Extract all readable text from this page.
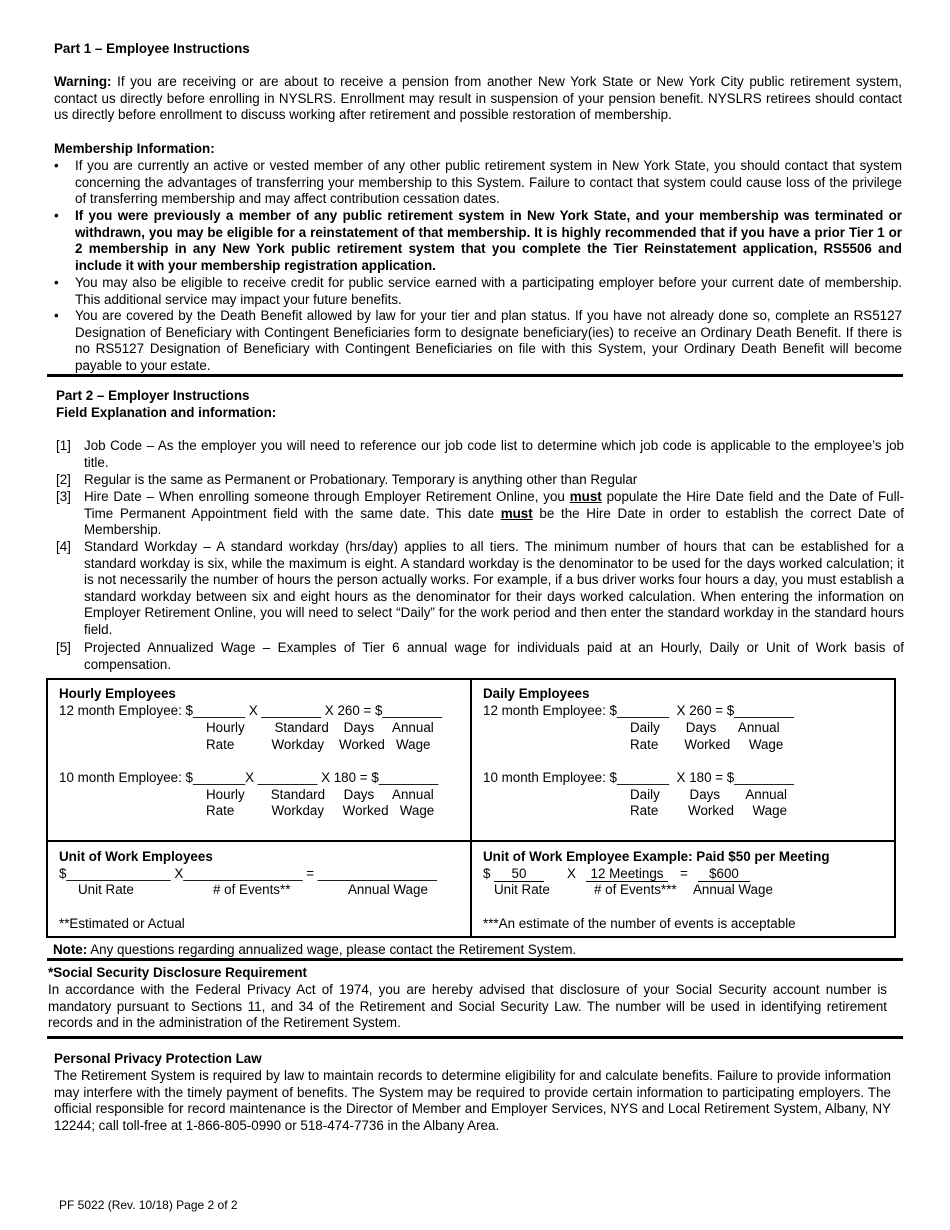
Part 1 – Employee Instructions
Warning: If you are receiving or are about to receive a pension from another New York State or New York City public retirement system, contact us directly before enrolling in NYSLRS. Enrollment may result in suspension of your pension benefit. NYSLRS retirees should contact us directly before enrollment to discuss working after retirement and possible restoration of membership.
Membership Information:
• If you are currently an active or vested member of any other public retirement system in New York State, you should contact that system concerning the advantages of transferring your membership to this System. Failure to contact that system could cause loss of the privilege of transferring membership and may affect contribution cessation dates.
• If you were previously a member of any public retirement system in New York State, and your membership was terminated or withdrawn, you may be eligible for a reinstatement of that membership. It is highly recommended that if you have a prior Tier 1 or 2 membership in any New York public retirement system that you complete the Tier Reinstatement application, RS5506 and include it with your membership registration application.
• You may also be eligible to receive credit for public service earned with a participating employer before your current date of membership. This additional service may impact your future benefits.
• You are covered by the Death Benefit allowed by law for your tier and plan status. If you have not already done so, complete an RS5127 Designation of Beneficiary with Contingent Beneficiaries form to designate beneficiary(ies) to receive an Ordinary Death Benefit. If there is no RS5127 Designation of Beneficiary with Contingent Beneficiaries on file with this System, your Ordinary Death Benefit will become payable to your estate.
Part 2 – Employer Instructions
Field Explanation and information:
[1] Job Code – As the employer you will need to reference our job code list to determine which job code is applicable to the employee’s job title.
[2] Regular is the same as Permanent or Probationary. Temporary is anything other than Regular
[3] Hire Date – When enrolling someone through Employer Retirement Online, you must populate the Hire Date field and the Date of Full-Time Permanent Appointment field with the same date. This date must be the Hire Date in order to establish the correct Date of Membership.
[4] Standard Workday – A standard workday (hrs/day) applies to all tiers. The minimum number of hours that can be established for a standard workday is six, while the maximum is eight. A standard workday is the denominator to be used for the days worked calculation; it is not necessarily the number of hours the person actually works. For example, if a bus driver works four hours a day, you must establish a standard workday between six and eight hours as the denominator for their days worked calculation. When entering the information on Employer Retirement Online, you will need to select “Daily” for the work period and then enter the standard workday in the standard hours field.
[5] Projected Annualized Wage – Examples of Tier 6 annual wage for individuals paid at an Hourly, Daily or Unit of Work basis of compensation.
Hourly Employees
12 month Employee: $_______ X ________ X 260 = $________
Hourly        Standard    Days     Annual
Rate          Workday    Worked   Wage
10 month Employee: $_______X ________ X 180 = $________
Hourly       Standard     Days     Annual
Rate          Workday     Worked   Wage
Daily Employees
12 month Employee: $_______  X 260 = $________
Daily       Days      Annual
Rate       Worked     Wage
10 month Employee: $_______  X 180 = $________
Daily        Days       Annual
Rate        Worked     Wage
Unit of Work Employees
$______________ X________________ = ________________
Unit Rate	# of Events**	Annual Wage
**Estimated or Actual
Unit of Work Employee Example: Paid $50 per Meeting
$	50	X	12 Meetings	=	$600
Unit Rate	# of Events*** Annual Wage
***An estimate of the number of events is acceptable
Note: Any questions regarding annualized wage, please contact the Retirement System.
*Social Security Disclosure Requirement
In accordance with the Federal Privacy Act of 1974, you are hereby advised that disclosure of your Social Security account number is mandatory pursuant to Sections 11, and 34 of the Retirement and Social Security Law. The number will be used in identifying retirement records and in the administration of the Retirement System.
Personal Privacy Protection Law
The Retirement System is required by law to maintain records to determine eligibility for and calculate benefits. Failure to provide information may interfere with the timely payment of benefits. The System may be required to provide certain information to participating employers. The official responsible for record maintenance is the Director of Member and Employer Services, NYS and Local Retirement System, Albany, NY 12244; call toll-free at 1-866-805-0990 or 518-474-7736 in the Albany Area.
PF 5022 (Rev. 10/18) Page 2 of 2
